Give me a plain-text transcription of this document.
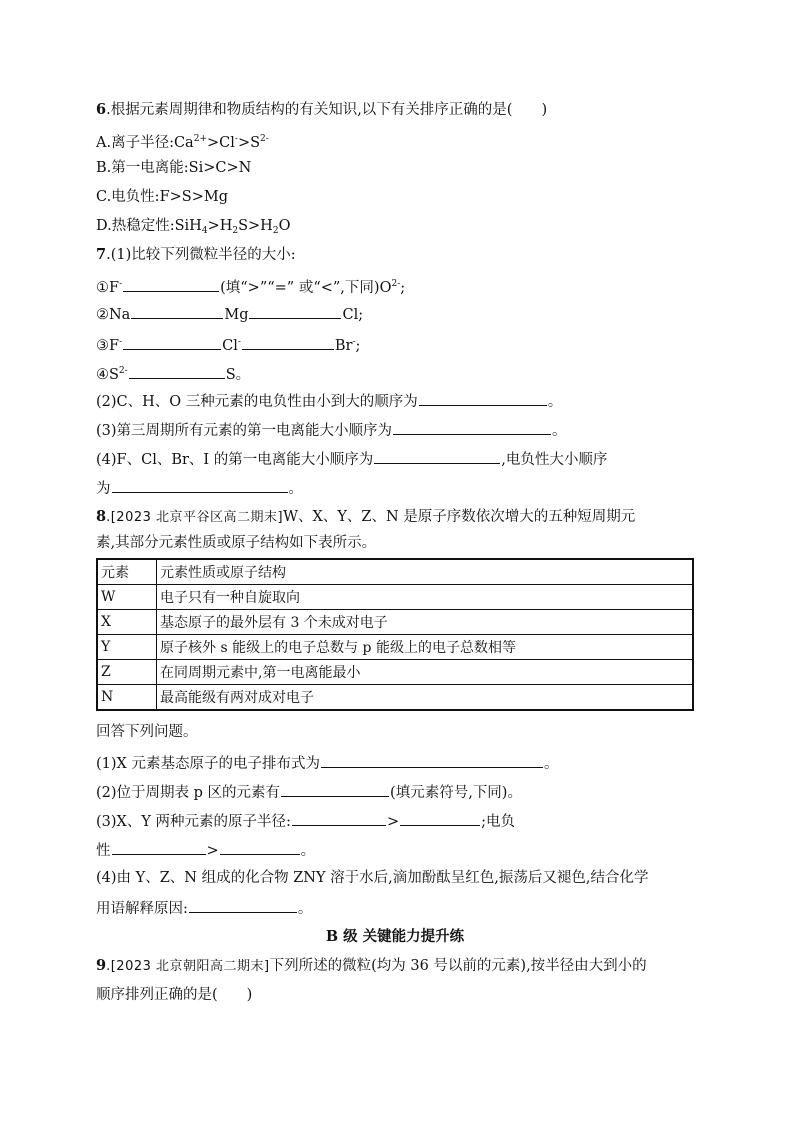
6.根据元素周期律和物质结构的有关知识,以下有关排序正确的是(　　)
A.离子半径$:Ca^{2+}>Cl^->S^{2-}$
B.第一电离能:Si>C>N
C.电负性:F>S>Mg
D.热稳定性$:SiH_4>H_2S>H_2O$
7.(1)比较下列微粒半径的大小:
①F-	(填“>”“=” 或“<”,下同)$O^{2-}$;
②Na	Mg	Cl;
③F-	Cl-	Br-;
$④S^{2-}$	S。
(2)C、H、O 三种元素的电负性由小到大的顺序为	。
(3)第三周期所有元素的第一电离能大小顺序为	。
(4)F、Cl、Br、I 的第一电离能大小顺序为	,电负性大小顺序
为	。
8.[2023 北京平谷区高二期末]W、X、Y、Z、N 是原子序数依次增大的五种短周期元
素,其部分元素性质或原子结构如下表所示。
元素	元素性质或原子结构
W	电子只有一种自旋取向
X	基态原子的最外层有 3 个未成对电子
Y	原子核外 s 能级上的电子总数与 p 能级上的电子总数相等
Z	在同周期元素中,第一电离能最小
N	最高能级有两对成对电子
回答下列问题。
(1)X 元素基态原子的电子排布式为	。
(2)位于周期表 p 区的元素有	(填元素符号,下同)。
(3)X、Y 两种元素的原子半径:	>	;电负
性	>	。
(4)由 Y、Z、N 组成的化合物 ZNY 溶于水后,滴加酚酞呈红色,振荡后又褪色,结合化学
用语解释原因:	。
B 级 关键能力提升练
9.[2023 北京朝阳高二期末]下列所述的微粒(均为 36 号以前的元素),按半径由大到小的
顺序排列正确的是(　　)
